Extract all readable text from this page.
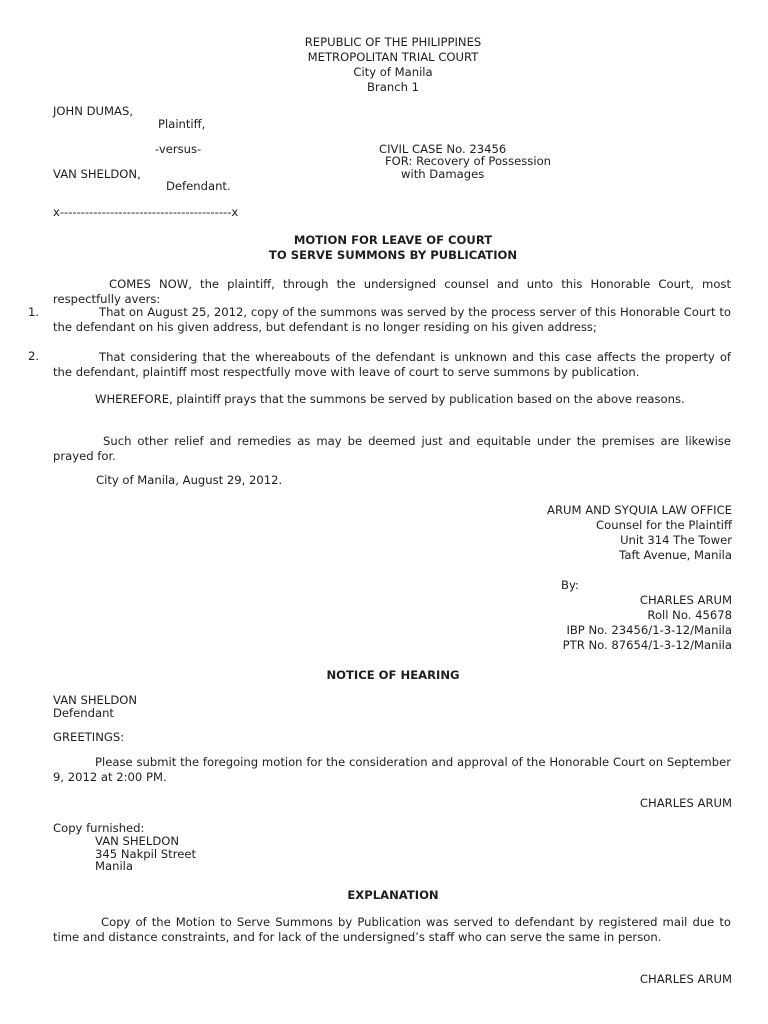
REPUBLIC OF THE PHILIPPINES
METROPOLITAN TRIAL COURT
City of Manila
Branch 1
JOHN DUMAS,
Plaintiff,
-versus-	CIVIL CASE No. 23456
FOR: Recovery of Possession
with Damages
VAN SHELDON,
Defendant.
x-----------------------------------------x
MOTION FOR LEAVE OF COURT
TO SERVE SUMMONS BY PUBLICATION
COMES NOW, the plaintiff, through the undersigned counsel and unto this Honorable Court, most respectfully avers:
1.	That on August 25, 2012, copy of the summons was served by the process server of this Honorable Court to the defendant on his given address, but defendant is no longer residing on his given address;
2.	That considering that the whereabouts of the defendant is unknown and this case affects the property of the defendant, plaintiff most respectfully move with leave of court to serve summons by publication.
WHEREFORE, plaintiff prays that the summons be served by publication based on the above reasons.
Such other relief and remedies as may be deemed just and equitable under the premises are likewise prayed for.
City of Manila, August 29, 2012.
ARUM AND SYQUIA LAW OFFICE
Counsel for the Plaintiff
Unit 314 The Tower
Taft Avenue, Manila
By:
CHARLES ARUM
Roll No. 45678
IBP No. 23456/1-3-12/Manila
PTR No. 87654/1-3-12/Manila
NOTICE OF HEARING
VAN SHELDON
Defendant
GREETINGS:
Please submit the foregoing motion for the consideration and approval of the Honorable Court on September 9, 2012 at 2:00 PM.
CHARLES ARUM
Copy furnished:
VAN SHELDON
345 Nakpil Street
Manila
EXPLANATION
Copy of the Motion to Serve Summons by Publication was served to defendant by registered mail due to time and distance constraints, and for lack of the undersigned’s staff who can serve the same in person.
CHARLES ARUM
